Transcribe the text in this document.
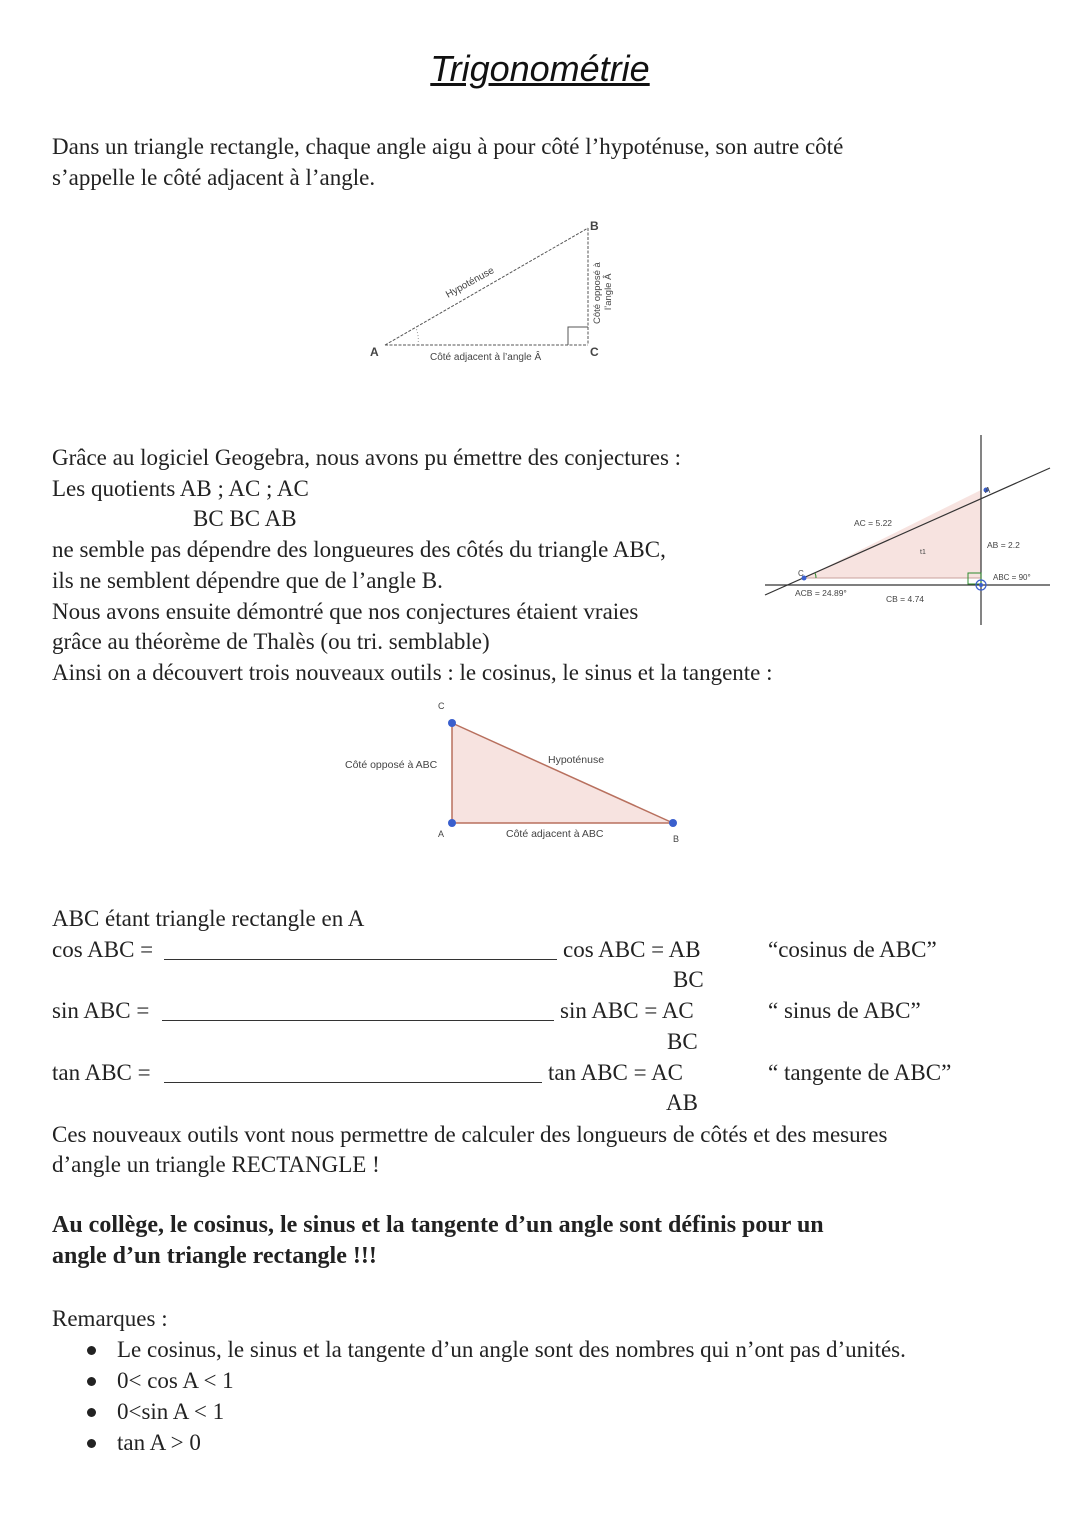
Trigonométrie
Dans un triangle rectangle, chaque angle aigu à pour côté l’hypoténuse, son autre côté
s’appelle le côté adjacent à l’angle.
A
B
C
Côté adjacent à l’angle Â
Hypoténuse	Côté opposé à l’angle Â
Grâce au logiciel Geogebra, nous avons pu émettre des conjectures :
Les quotients AB ; AC ; AC
BC BC AB
ne semble pas dépendre des longueures des côtés du triangle ABC,
ils ne semblent dépendre que de l’angle B.
Nous avons ensuite démontré que nos conjectures étaient vraies
grâce au théorème de Thalès (ou tri. semblable)
Ainsi on a découvert trois nouveaux outils : le cosinus, le sinus et la tangente :
C
A
AC = 5.22
AB = 2.2
t1
ACB = 24.89°
CB = 4.74
ABC = 90°
C
A	B
Côté opposé à ABC	Hypoténuse
Côté adjacent à ABC
ABC étant triangle rectangle en A
cos ABC =	cos ABC = AB
BC
“cosinus de ABC”
sin ABC =	sin ABC = AC
BC
“ sinus de ABC”
tan ABC =	tan ABC = AC
AB
“ tangente de ABC”
Ces nouveaux outils vont nous permettre de calculer des longueurs de côtés et des mesures
d’angle un triangle RECTANGLE !
Au collège, le cosinus, le sinus et la tangente d’un angle sont définis pour un
angle d’un triangle rectangle !!!
Remarques :
Le cosinus, le sinus et la tangente d’un angle sont des nombres qui n’ont pas d’unités.
0< cos A < 1
0<sin A < 1
tan A > 0
